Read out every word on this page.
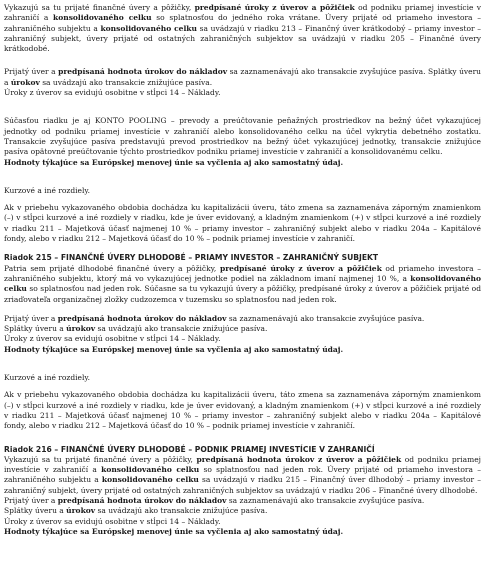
Vykazujú sa tu prijaté finančné úvery a pôžičky, predpísané úroky z úverov a pôžičiek od podniku priamej investície v zahraničí a konsolidovaného celku so splatnosťou do jedného roka vrátane. Úvery prijaté od priameho investora – zahraničného subjektu a konsolidovaného celku sa uvádzajú v riadku 213 – Finančný úver krátkodobý – priamy investor – zahraničný subjekt, úvery prijaté od ostatných zahraničných subjektov sa uvádzajú v riadku 205 – Finančné úvery krátkodobé.

Prijatý úver a predpísaná hodnota úrokov do nákladov sa zaznamenávajú ako transakcie zvyšujúce pasíva. Splátky úveru a úrokov sa uvádzajú ako transakcie znižujúce pasíva.

Úroky z úverov sa evidujú osobitne v stĺpci 14 – Náklady.

Súčasťou riadku je aj KONTO POOLING – prevody a preúčtovanie peňažných prostriedkov na bežný účet vykazujúcej jednotky od podniku priamej investície v zahraničí alebo konsolidovaného celku na účel vykrytia debetného zostatku. Transakcie zvyšujúce pasíva predstavujú prevod prostriedkov na bežný účet vykazujúcej jednotky, transakcie znižujúce pasíva opätovné preúčtovanie týchto prostriedkov podniku priamej investície v zahraničí a konsolidovanému celku.

Hodnoty týkajúce sa Európskej menovej únie sa vyčlenia aj ako samostatný údaj.

Kurzové a iné rozdiely.

Ak v priebehu vykazovaného obdobia dochádza ku kapitalizácii úveru, táto zmena sa zaznamenáva záporným znamienkom (–) v stĺpci kurzové a iné rozdiely v riadku, kde je úver evidovaný, a kladným znamienkom (+) v stĺpci kurzové a iné rozdiely v riadku 211 – Majetková účasť najmenej 10 % – priamy investor – zahraničný subjekt alebo v riadku 204a – Kapitálové fondy, alebo v riadku 212 – Majetková účasť do 10 % – podnik priamej investície v zahraničí.

Riadok 215 – FINANČNÉ ÚVERY DLHODOBÉ – PRIAMY INVESTOR – ZAHRANIČNÝ SUBJEKT

Patria sem prijaté dlhodobé finančné úvery a pôžičky, predpísané úroky z úverov a pôžičiek od priameho investora – zahraničného subjektu, ktorý má vo vykazujúcej jednotke podiel na základnom imaní najmenej 10 %, a konsolidovaného celku so splatnosťou nad jeden rok. Súčasne sa tu vykazujú úvery a pôžičky, predpísané úroky z úverov a pôžičiek prijaté od zriaďovateľa organizačnej zložky cudzozemca v tuzemsku so splatnosťou nad jeden rok.

Prijatý úver a predpísaná hodnota úrokov do nákladov sa zaznamenávajú ako transakcie zvyšujúce pasíva.

Splátky úveru a úrokov sa uvádzajú ako transakcie znižujúce pasíva.

Úroky z úverov sa evidujú osobitne v stĺpci 14 – Náklady.

Hodnoty týkajúce sa Európskej menovej únie sa vyčlenia aj ako samostatný údaj.

Kurzové a iné rozdiely.

Ak v priebehu vykazovaného obdobia dochádza ku kapitalizácii úveru, táto zmena sa zaznamenáva záporným znamienkom (–) v stĺpci kurzové a iné rozdiely v riadku, kde je úver evidovaný, a kladným znamienkom (+) v stĺpci kurzové a iné rozdiely v riadku 211 – Majetková účasť najmenej 10 % – priamy investor – zahraničný subjekt alebo v riadku 204a – Kapitálové fondy, alebo v riadku 212 – Majetková účasť do 10 % – podnik priamej investície v zahraničí.

Riadok 216 – FINANČNÉ ÚVERY DLHODOBÉ – PODNIK PRIAMEJ INVESTÍCIE V ZAHRANIČÍ

Vykazujú sa tu prijaté finančné úvery a pôžičky, predpísaná hodnota úrokov z úverov a pôžičiek od podniku priamej investície v zahraničí a konsolidovaného celku so splatnosťou nad jeden rok. Úvery prijaté od priameho investora – zahraničného subjektu a konsolidovaného celku sa uvádzajú v riadku 215 – Finančný úver dlhodobý – priamy investor – zahraničný subjekt, úvery prijaté od ostatných zahraničných subjektov sa uvádzajú v riadku 206 – Finančné úvery dlhodobé.

Prijatý úver a predpísaná hodnota úrokov do nákladov sa zaznamenávajú ako transakcie zvyšujúce pasíva.

Splátky úveru a úrokov sa uvádzajú ako transakcie znižujúce pasíva.

Úroky z úverov sa evidujú osobitne v stĺpci 14 – Náklady.

Hodnoty týkajúce sa Európskej menovej únie sa vyčlenia aj ako samostatný údaj.
